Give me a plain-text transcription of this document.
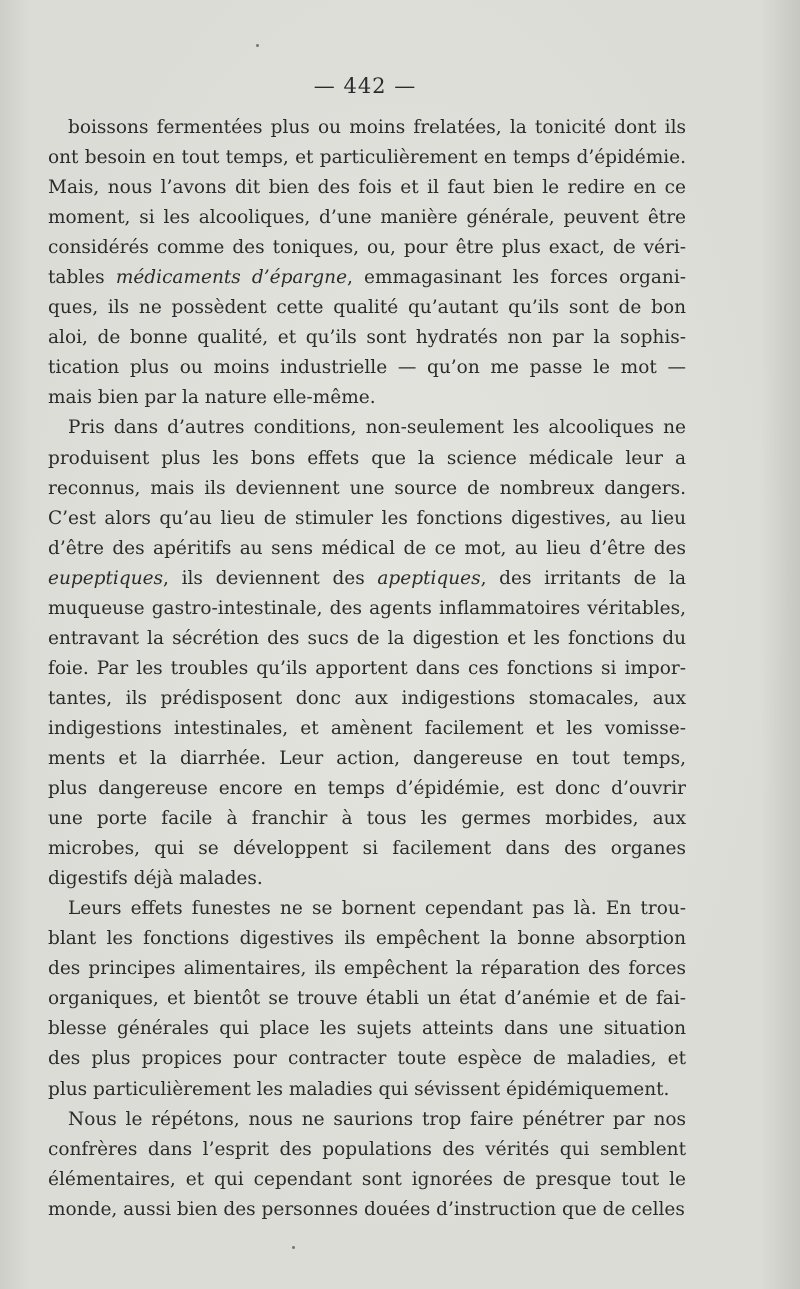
— 442 —
boissons fermentées plus ou moins frelatées, la tonicité dont ils
ont besoin en tout temps, et particulièrement en temps d’épidémie.
Mais, nous l’avons dit bien des fois et il faut bien le redire en ce
moment, si les alcooliques, d’une manière générale, peuvent être
considérés comme des toniques, ou, pour être plus exact, de véri-
tables médicaments d’épargne, emmagasinant les forces organi-
ques, ils ne possèdent cette qualité qu’autant qu’ils sont de bon
aloi, de bonne qualité, et qu’ils sont hydratés non par la sophis-
tication plus ou moins industrielle — qu’on me passe le mot —
mais bien par la nature elle-même.
Pris dans d’autres conditions, non-seulement les alcooliques ne
produisent plus les bons effets que la science médicale leur a
reconnus, mais ils deviennent une source de nombreux dangers.
C’est alors qu’au lieu de stimuler les fonctions digestives, au lieu
d’être des apéritifs au sens médical de ce mot, au lieu d’être des
eupeptiques, ils deviennent des apeptiques, des irritants de la
muqueuse gastro-intestinale, des agents inflammatoires véritables,
entravant la sécrétion des sucs de la digestion et les fonctions du
foie. Par les troubles qu’ils apportent dans ces fonctions si impor-
tantes, ils prédisposent donc aux indigestions stomacales, aux
indigestions intestinales, et amènent facilement et les vomisse-
ments et la diarrhée. Leur action, dangereuse en tout temps,
plus dangereuse encore en temps d’épidémie, est donc d’ouvrir
une porte facile à franchir à tous les germes morbides, aux
microbes, qui se développent si facilement dans des organes
digestifs déjà malades.
Leurs effets funestes ne se bornent cependant pas là. En trou-
blant les fonctions digestives ils empêchent la bonne absorption
des principes alimentaires, ils empêchent la réparation des forces
organiques, et bientôt se trouve établi un état d’anémie et de fai-
blesse générales qui place les sujets atteints dans une situation
des plus propices pour contracter toute espèce de maladies, et
plus particulièrement les maladies qui sévissent épidémiquement.
Nous le répétons, nous ne saurions trop faire pénétrer par nos
confrères dans l’esprit des populations des vérités qui semblent
élémentaires, et qui cependant sont ignorées de presque tout le
monde, aussi bien des personnes douées d’instruction que de celles
